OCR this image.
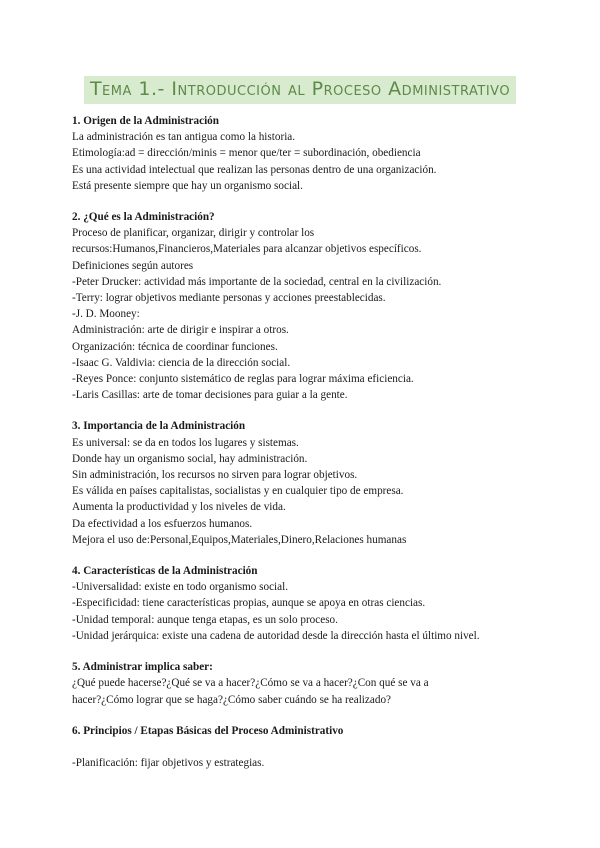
Tema 1.- Introducción al Proceso Administrativo

1. Origen de la Administración

La administración es tan antigua como la historia.

Etimología:ad = dirección/minis = menor que/ter = subordinación, obediencia

Es una actividad intelectual que realizan las personas dentro de una organización.

Está presente siempre que hay un organismo social.

2. ¿Qué es la Administración?

Proceso de planificar, organizar, dirigir y controlar los

recursos:Humanos,Financieros,Materiales para alcanzar objetivos específicos.

Definiciones según autores

-Peter Drucker: actividad más importante de la sociedad, central en la civilización.

-Terry: lograr objetivos mediante personas y acciones preestablecidas.

-J. D. Mooney:

Administración: arte de dirigir e inspirar a otros.

Organización: técnica de coordinar funciones.

-Isaac G. Valdivia: ciencia de la dirección social.

-Reyes Ponce: conjunto sistemático de reglas para lograr máxima eficiencia.

-Laris Casillas: arte de tomar decisiones para guiar a la gente.

3. Importancia de la Administración

Es universal: se da en todos los lugares y sistemas.

Donde hay un organismo social, hay administración.

Sin administración, los recursos no sirven para lograr objetivos.

Es válida en países capitalistas, socialistas y en cualquier tipo de empresa.

Aumenta la productividad y los niveles de vida.

Da efectividad a los esfuerzos humanos.

Mejora el uso de:Personal,Equipos,Materiales,Dinero,Relaciones humanas

4. Características de la Administración

-Universalidad: existe en todo organismo social.

-Especificidad: tiene características propias, aunque se apoya en otras ciencias.

-Unidad temporal: aunque tenga etapas, es un solo proceso.

-Unidad jerárquica: existe una cadena de autoridad desde la dirección hasta el último nivel.

5. Administrar implica saber:

¿Qué puede hacerse?¿Qué se va a hacer?¿Cómo se va a hacer?¿Con qué se va a

hacer?¿Cómo lograr que se haga?¿Cómo saber cuándo se ha realizado?

6. Principios / Etapas Básicas del Proceso Administrativo

-Planificación: fijar objetivos y estrategias.
